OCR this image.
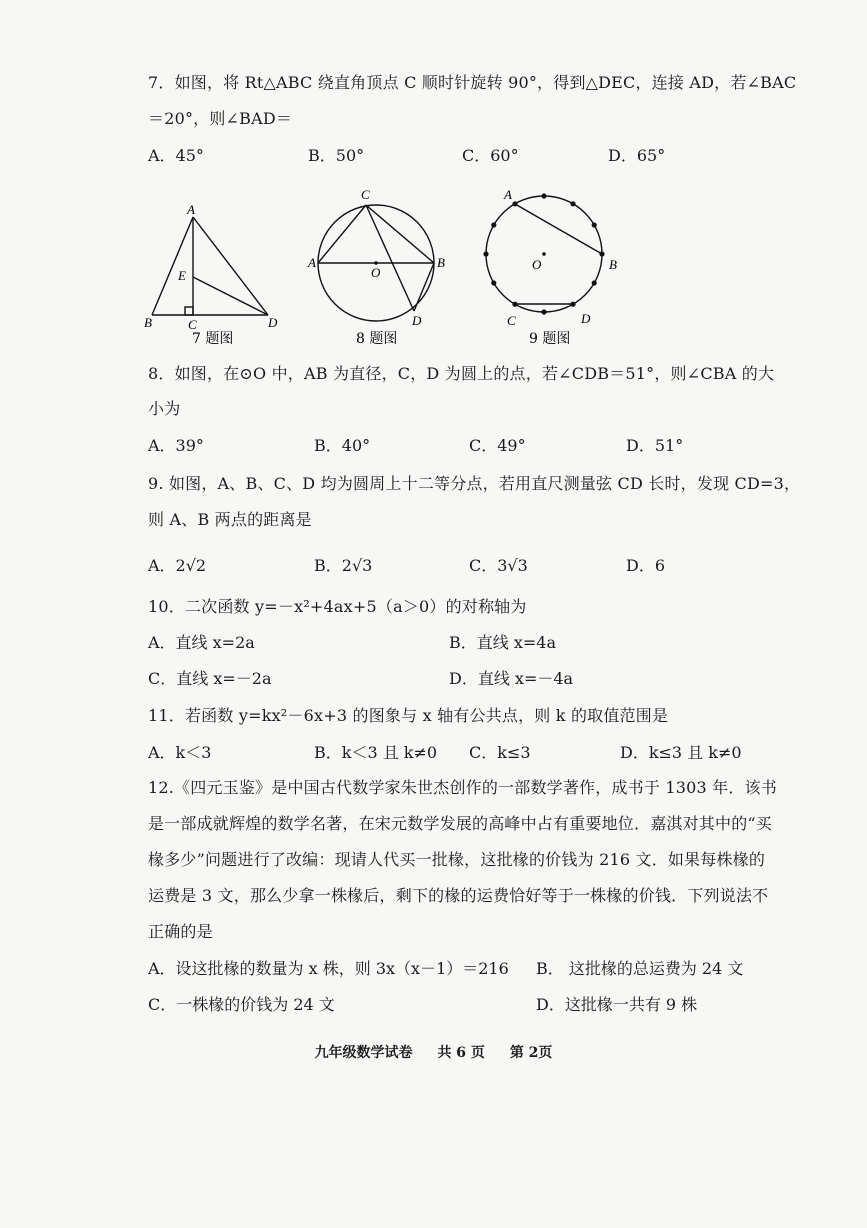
7．如图，将 Rt△ABC 绕直角顶点 C 顺时针旋转 90°，得到△DEC，连接 AD，若∠BAC
＝20°，则∠BAD＝
A．45°	B．50°	C．60°	D．65°
A
E
B	C	D
7 题图
C
A
O
B
D
8 题图
A
O	B
C	D
9 题图
8．如图，在⊙O 中，AB 为直径，C，D 为圆上的点，若∠CDB＝51°，则∠CBA 的大
小为
A．39°	B．40°	C．49°	D．51°
9. 如图，A、B、C、D 均为圆周上十二等分点，若用直尺测量弦 CD 长时，发现 CD=3，
则 A、B 两点的距离是
A．2√2	B．2√3	C．3√3	D．6
10．二次函数 y=－x²+4ax+5（a＞0）的对称轴为
A．直线 x=2a	B．直线 x=4a
C．直线 x=－2a	D．直线 x=－4a
11．若函数 y=kx²－6x+3 的图象与 x 轴有公共点，则 k 的取值范围是
A．k＜3	B．k＜3 且 k≠0 C．k≤3	D．k≤3 且 k≠0
12.《四元玉鉴》是中国古代数学家朱世杰创作的一部数学著作，成书于 1303 年．该书
是一部成就辉煌的数学名著，在宋元数学发展的高峰中占有重要地位．嘉淇对其中的“买
椽多少”问题进行了改编：现请人代买一批椽，这批椽的价钱为 216 文．如果每株椽的
运费是 3 文，那么少拿一株椽后，剩下的椽的运费恰好等于一株椽的价钱．下列说法不
正确的是
A．设这批椽的数量为 x 株，则 3x（x－1）＝216 B． 这批椽的总运费为 24 文
C．一株椽的价钱为 24 文	D．这批椽一共有 9 株
九年级数学试卷 共 6 页 第 2页
